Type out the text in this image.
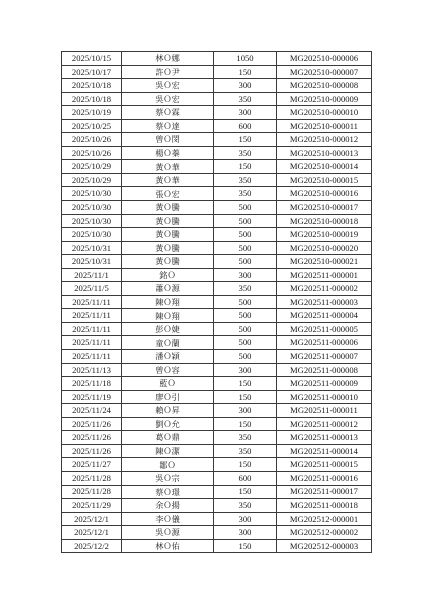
2025/10/15	林Ｏ娜	1050	MG202510-000006
2025/10/17	許Ｏ尹	150	MG202510-000007
2025/10/18	吳Ｏ宏	300	MG202510-000008
2025/10/18	吳Ｏ宏	350	MG202510-000009
2025/10/19	蔡Ｏ霖	300	MG202510-000010
2025/10/25	蔡Ｏ達	600	MG202510-000011
2025/10/26	曾Ｏ閔	150	MG202510-000012
2025/10/26	楊Ｏ蓁	350	MG202510-000013
2025/10/29	黃Ｏ華	150	MG202510-000014
2025/10/29	黃Ｏ華	350	MG202510-000015
2025/10/30	張Ｏ宏	350	MG202510-000016
2025/10/30	黃Ｏ騰	500	MG202510-000017
2025/10/30	黃Ｏ騰	500	MG202510-000018
2025/10/30	黃Ｏ騰	500	MG202510-000019
2025/10/31	黃Ｏ騰	500	MG202510-000020
2025/10/31	黃Ｏ騰	500	MG202510-000021
2025/11/1	銘Ｏ	300	MG202511-000001
2025/11/5	蕭Ｏ源	350	MG202511-000002
2025/11/11	陳Ｏ翔	500	MG202511-000003
2025/11/11	陳Ｏ翔	500	MG202511-000004
2025/11/11	彭Ｏ婕	500	MG202511-000005
2025/11/11	童Ｏ蘭	500	MG202511-000006
2025/11/11	潘Ｏ穎	500	MG202511-000007
2025/11/13	曾Ｏ容	300	MG202511-000008
2025/11/18	藍Ｏ	150	MG202511-000009
2025/11/19	廖Ｏ引	150	MG202511-000010
2025/11/24	賴Ｏ昇	300	MG202511-000011
2025/11/26	劉Ｏ允	150	MG202511-000012
2025/11/26	葛Ｏ鼎	350	MG202511-000013
2025/11/26	陳Ｏ潔	350	MG202511-000014
2025/11/27	鄒Ｏ	150	MG202511-000015
2025/11/28	吳Ｏ宗	600	MG202511-000016
2025/11/28	蔡Ｏ璟	150	MG202511-000017
2025/11/29	余Ｏ揚	350	MG202511-000018
2025/12/1	李Ｏ儀	300	MG202512-000001
2025/12/1	吳Ｏ源	300	MG202512-000002
2025/12/2	林Ｏ佑	150	MG202512-000003
